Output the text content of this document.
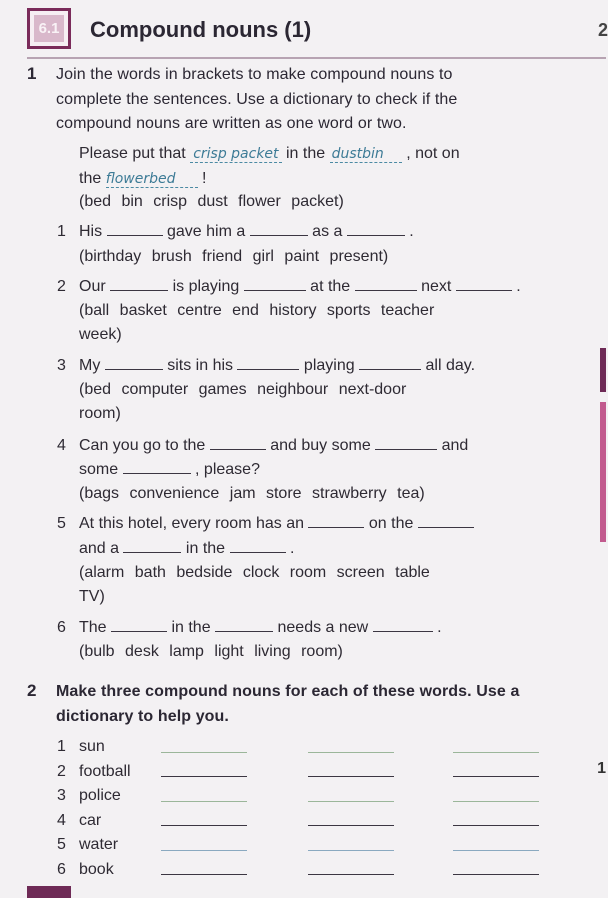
6.1 Compound nouns (1)	2
1 Join the words in brackets to make compound nouns to
complete the sentences. Use a dictionary to check if the
compound nouns are written as one word or two.
Please put that crisp packet in the dustbin , not on
the flowerbed !
(bed bin crisp dust flower packet)
1 His	gave him a	as a	.
(birthday brush friend girl paint present)
2 Our	is playing	at the	next	.
(ball basket centre end history sports teacher
week)
3 My	sits in his	playing	all day.
(bed computer games neighbour next-door
room)
4 Can you go to the	and buy some	and
some	, please?
(bags convenience jam store strawberry tea)
5 At this hotel, every room has an	on the
and a	in the	.
(alarm bath bedside clock room screen table
TV)
6 The	in the	needs a new	.
(bulb desk lamp light living room)
2 Make three compound nouns for each of these words. Use a
dictionary to help you.
1 sun
2 football
3 police
4 car
5 water
6 book
1
